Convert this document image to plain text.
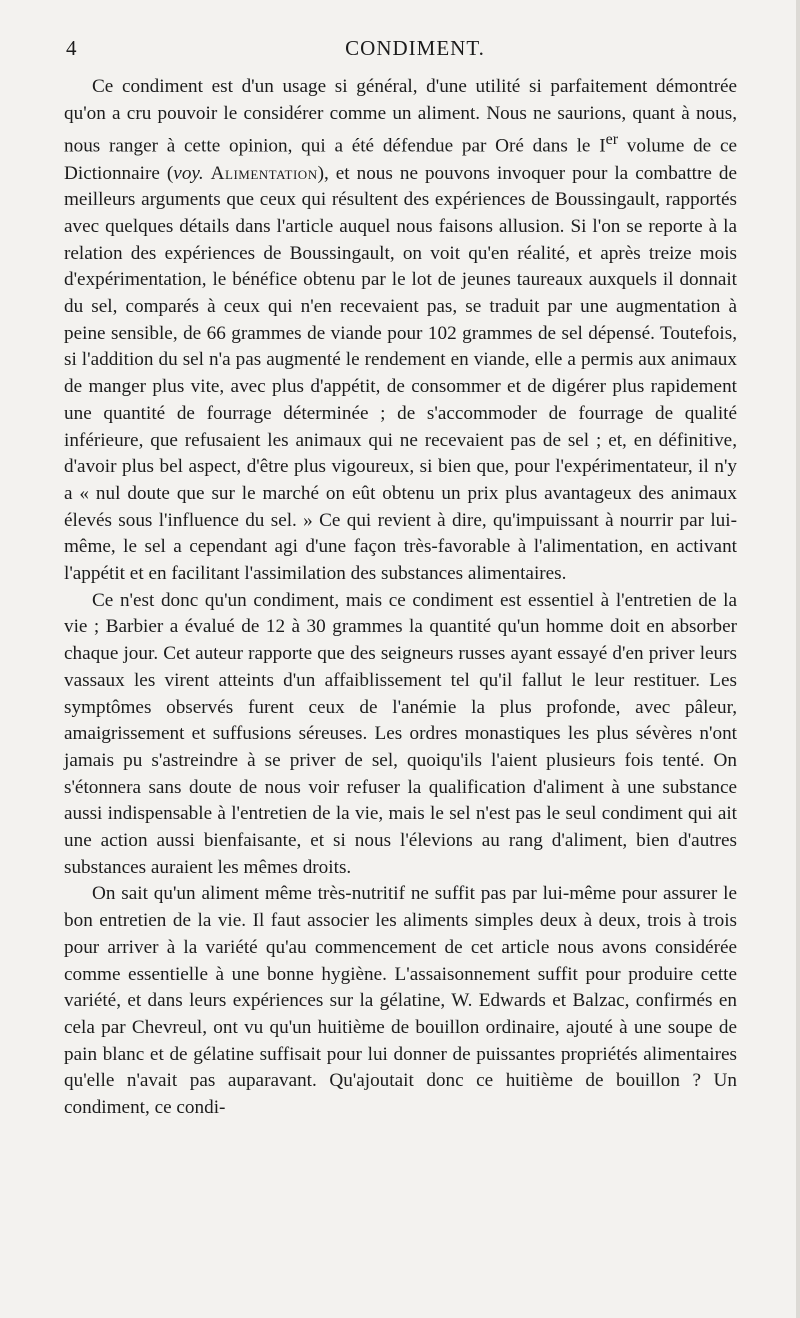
4	CONDIMENT.

Ce condiment est d'un usage si général, d'une utilité si parfaitement démontrée qu'on a cru pouvoir le considérer comme un aliment. Nous ne saurions, quant à nous, nous ranger à cette opinion, qui a été défendue par Oré dans le Ier volume de ce Dictionnaire (voy. Alimentation), et nous ne pouvons invoquer pour la combattre de meilleurs arguments que ceux qui résultent des expériences de Boussingault, rapportés avec quelques détails dans l'article auquel nous faisons allusion. Si l'on se reporte à la relation des expériences de Boussingault, on voit qu'en réalité, et après treize mois d'expérimentation, le bénéfice obtenu par le lot de jeunes taureaux auxquels il donnait du sel, comparés à ceux qui n'en recevaient pas, se traduit par une augmentation à peine sensible, de 66 grammes de viande pour 102 grammes de sel dépensé. Toutefois, si l'addition du sel n'a pas augmenté le rendement en viande, elle a permis aux animaux de manger plus vite, avec plus d'appétit, de consommer et de digérer plus rapidement une quantité de fourrage déterminée ; de s'accommoder de fourrage de qualité inférieure, que refusaient les animaux qui ne recevaient pas de sel ; et, en définitive, d'avoir plus bel aspect, d'être plus vigoureux, si bien que, pour l'expérimentateur, il n'y a « nul doute que sur le marché on eût obtenu un prix plus avantageux des animaux élevés sous l'influence du sel. » Ce qui revient à dire, qu'impuissant à nourrir par lui-même, le sel a cependant agi d'une façon très-favorable à l'alimentation, en activant l'appétit et en facilitant l'assimilation des substances alimentaires.

Ce n'est donc qu'un condiment, mais ce condiment est essentiel à l'entretien de la vie ; Barbier a évalué de 12 à 30 grammes la quantité qu'un homme doit en absorber chaque jour. Cet auteur rapporte que des seigneurs russes ayant essayé d'en priver leurs vassaux les virent atteints d'un affaiblissement tel qu'il fallut le leur restituer. Les symptômes observés furent ceux de l'anémie la plus profonde, avec pâleur, amaigrissement et suffusions séreuses. Les ordres monastiques les plus sévères n'ont jamais pu s'astreindre à se priver de sel, quoiqu'ils l'aient plusieurs fois tenté. On s'étonnera sans doute de nous voir refuser la qualification d'aliment à une substance aussi indispensable à l'entretien de la vie, mais le sel n'est pas le seul condiment qui ait une action aussi bienfaisante, et si nous l'élevions au rang d'aliment, bien d'autres substances auraient les mêmes droits.

On sait qu'un aliment même très-nutritif ne suffit pas par lui-même pour assurer le bon entretien de la vie. Il faut associer les aliments simples deux à deux, trois à trois pour arriver à la variété qu'au commencement de cet article nous avons considérée comme essentielle à une bonne hygiène. L'assaisonnement suffit pour produire cette variété, et dans leurs expériences sur la gélatine, W. Edwards et Balzac, confirmés en cela par Chevreul, ont vu qu'un huitième de bouillon ordinaire, ajouté à une soupe de pain blanc et de gélatine suffisait pour lui donner de puissantes propriétés alimentaires qu'elle n'avait pas auparavant. Qu'ajoutait donc ce huitième de bouillon ? Un condiment, ce condi-
